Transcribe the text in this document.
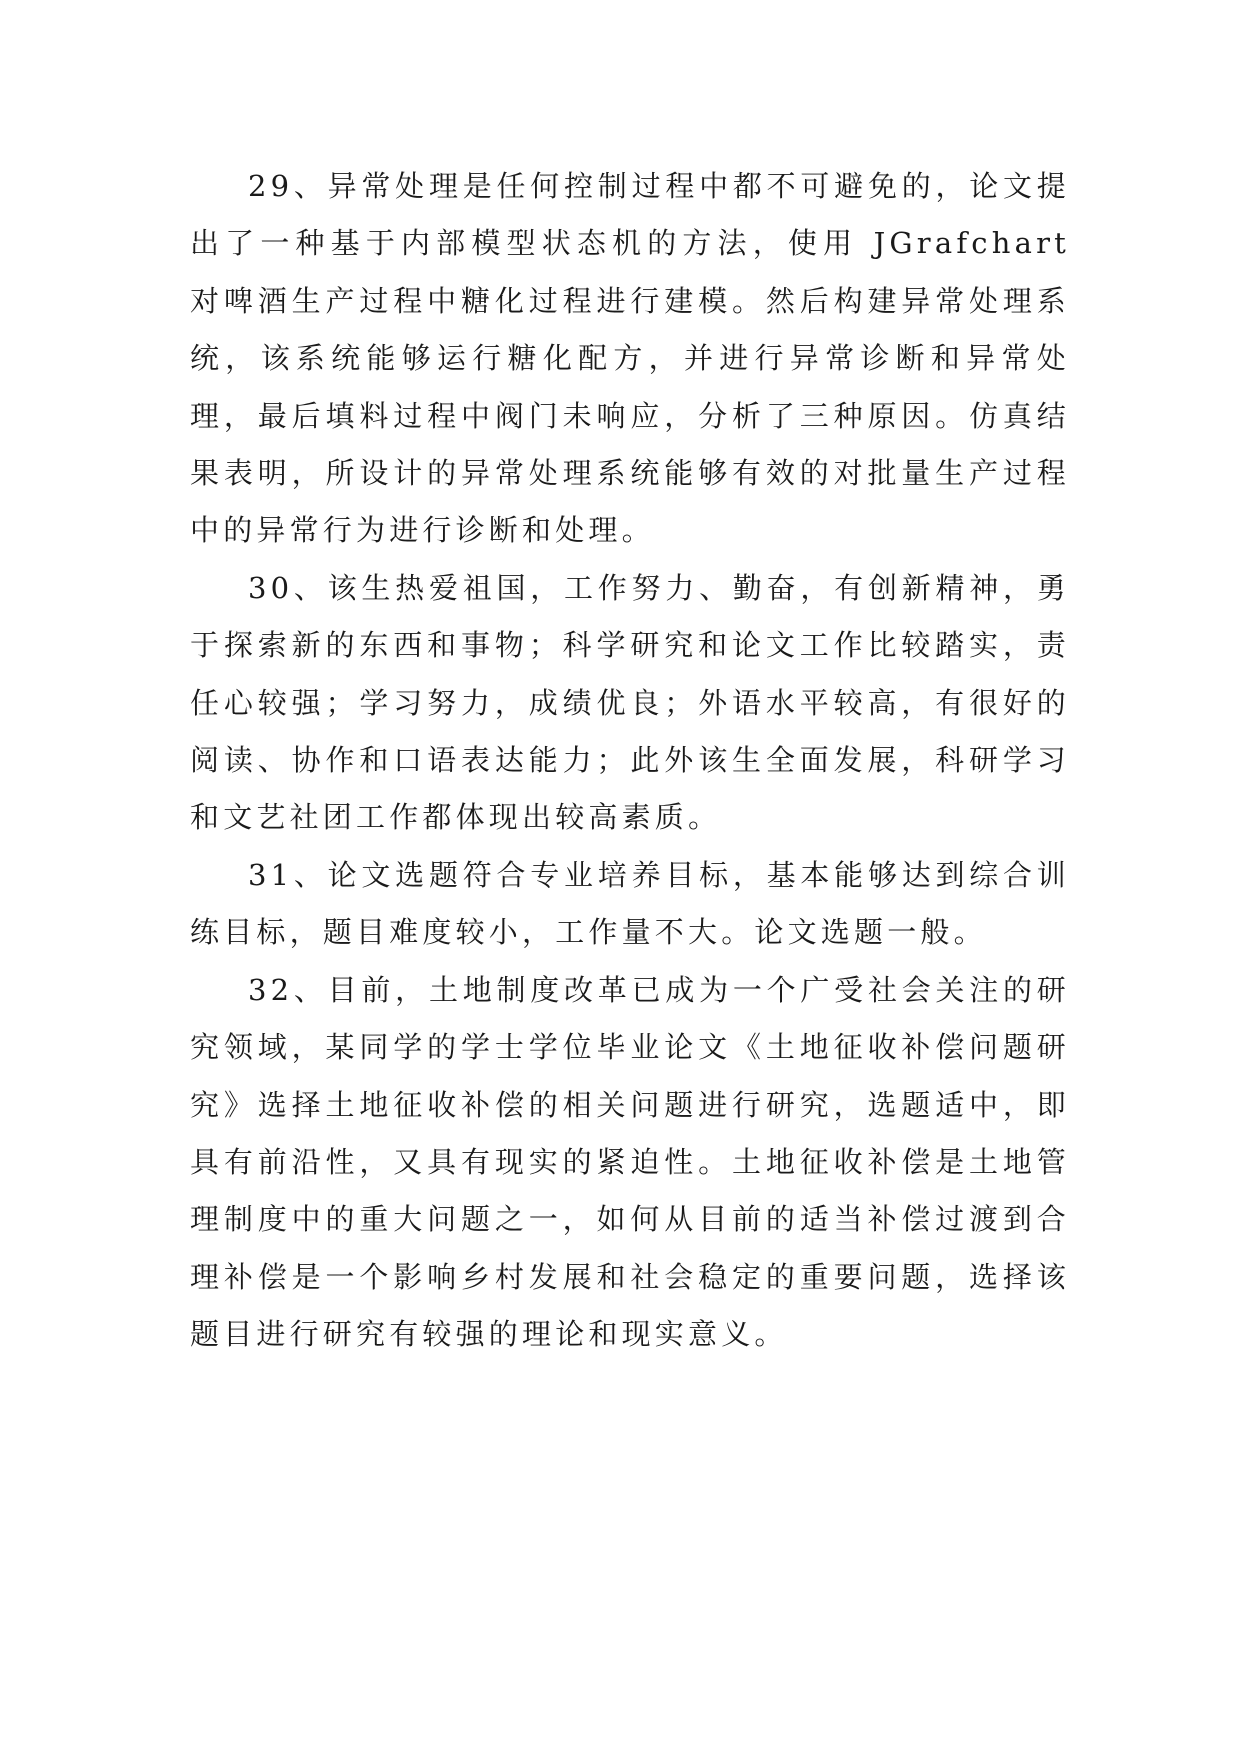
29、异常处理是任何控制过程中都不可避免的，论文提出了一种基于内部模型状态机的方法，使用 JGrafchart 对啤酒生产过程中糖化过程进行建模。然后构建异常处理系统，该系统能够运行糖化配方，并进行异常诊断和异常处理，最后填料过程中阀门未响应，分析了三种原因。仿真结果表明，所设计的异常处理系统能够有效的对批量生产过程中的异常行为进行诊断和处理。

30、该生热爱祖国，工作努力、勤奋，有创新精神，勇于探索新的东西和事物；科学研究和论文工作比较踏实，责任心较强；学习努力，成绩优良；外语水平较高，有很好的阅读、协作和口语表达能力；此外该生全面发展，科研学习和文艺社团工作都体现出较高素质。

31、论文选题符合专业培养目标，基本能够达到综合训练目标，题目难度较小，工作量不大。论文选题一般。

32、目前，土地制度改革已成为一个广受社会关注的研究领域，某同学的学士学位毕业论文《土地征收补偿问题研究》选择土地征收补偿的相关问题进行研究，选题适中，即具有前沿性，又具有现实的紧迫性。土地征收补偿是土地管理制度中的重大问题之一，如何从目前的适当补偿过渡到合理补偿是一个影响乡村发展和社会稳定的重要问题，选择该题目进行研究有较强的理论和现实意义。
